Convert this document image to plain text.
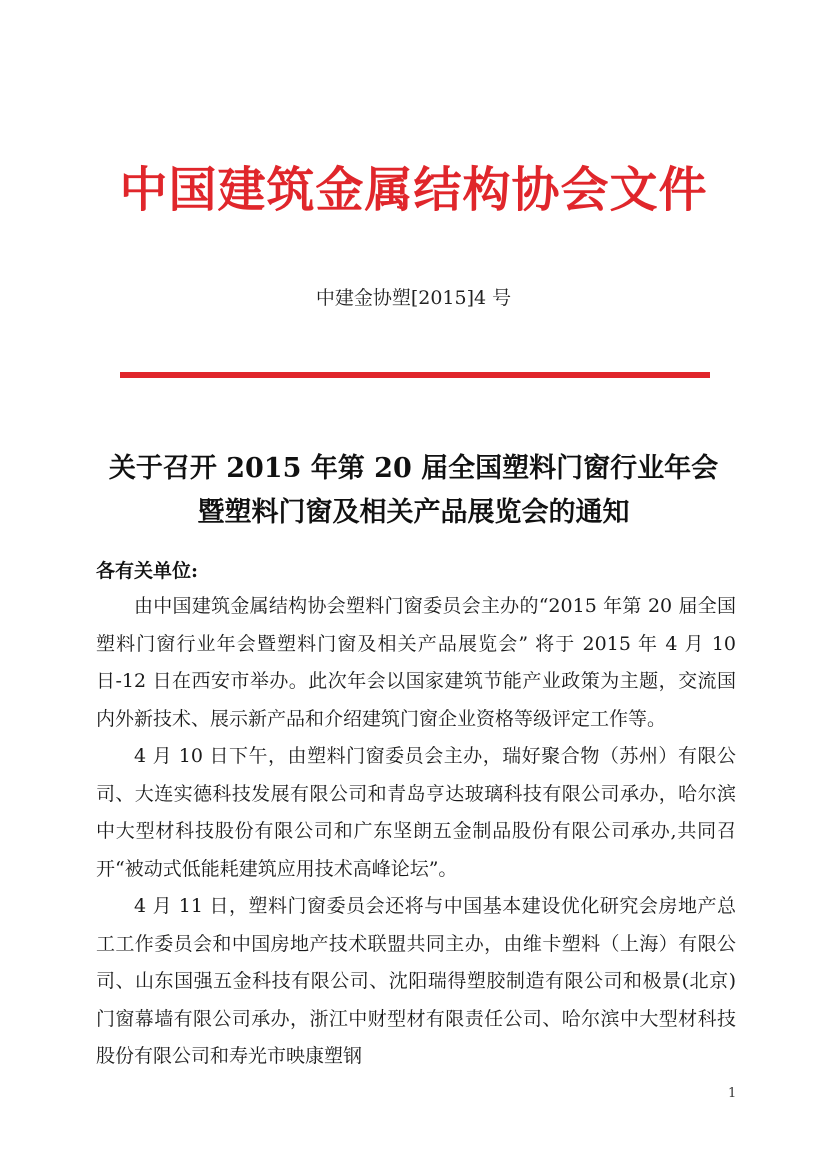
中国建筑金属结构协会文件
中建金协塑[2015]4 号
关于召开 2015 年第 20 届全国塑料门窗行业年会
暨塑料门窗及相关产品展览会的通知
各有关单位:

由中国建筑金属结构协会塑料门窗委员会主办的“2015 年第 20 届全国塑料门窗行业年会暨塑料门窗及相关产品展览会” 将于 2015 年 4 月 10 日-12 日在西安市举办。此次年会以国家建筑节能产业政策为主题，交流国内外新技术、展示新产品和介绍建筑门窗企业资格等级评定工作等。

4 月 10 日下午，由塑料门窗委员会主办，瑞好聚合物（苏州）有限公司、大连实德科技发展有限公司和青岛亨达玻璃科技有限公司承办，哈尔滨中大型材科技股份有限公司和广东坚朗五金制品股份有限公司承办,共同召开“被动式低能耗建筑应用技术高峰论坛”。

4 月 11 日，塑料门窗委员会还将与中国基本建设优化研究会房地产总工工作委员会和中国房地产技术联盟共同主办，由维卡塑料（上海）有限公司、山东国强五金科技有限公司、沈阳瑞得塑胶制造有限公司和极景(北京)门窗幕墙有限公司承办，浙江中财型材有限责任公司、哈尔滨中大型材科技股份有限公司和寿光市映康塑钢

1
